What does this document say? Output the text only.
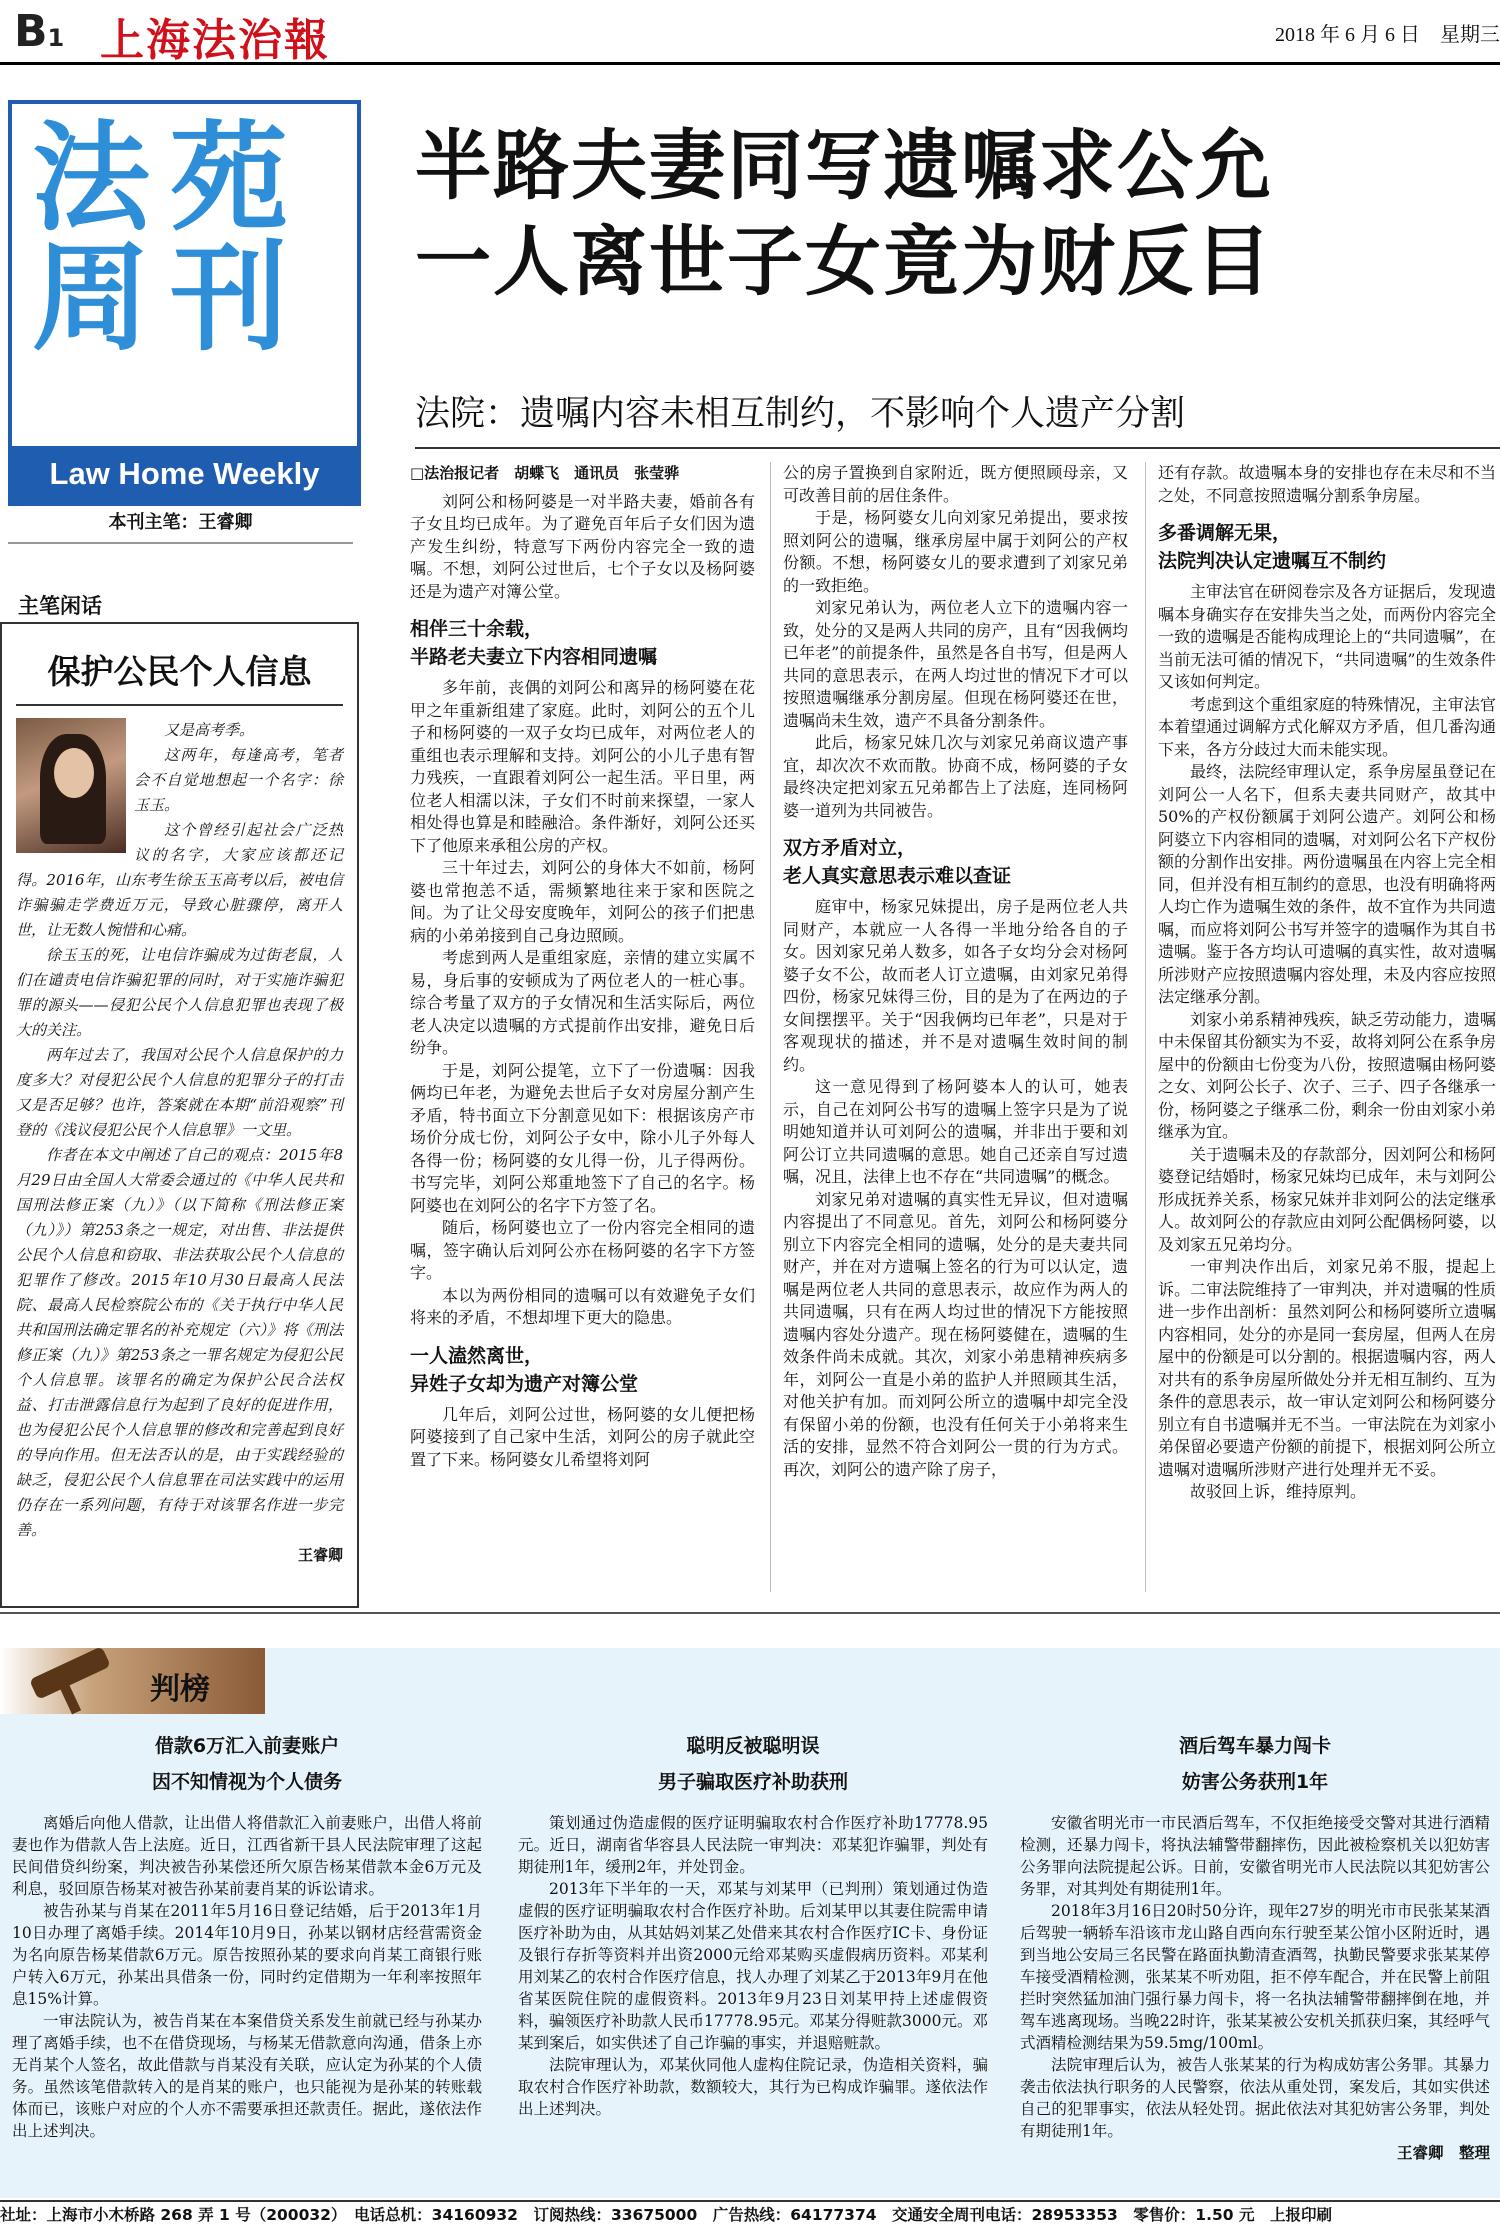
B1 上海法治報	2018 年 6 月 6 日　星期三
法苑周刊
Law Home Weekly
本刊主笔：王睿卿
主笔闲话
保护公民个人信息

又是高考季。

这两年，每逢高考，笔者会不自觉地想起一个名字：徐玉玉。

这个曾经引起社会广泛热议的名字，大家应该都还记得。2016年，山东考生徐玉玉高考以后，被电信诈骗骗走学费近万元，导致心脏骤停，离开人世，让无数人惋惜和心痛。

徐玉玉的死，让电信诈骗成为过街老鼠，人们在谴责电信诈骗犯罪的同时，对于实施诈骗犯罪的源头——侵犯公民个人信息犯罪也表现了极大的关注。

两年过去了，我国对公民个人信息保护的力度多大？对侵犯公民个人信息的犯罪分子的打击又是否足够？也许，答案就在本期“前沿观察”刊登的《浅议侵犯公民个人信息罪》一文里。

作者在本文中阐述了自己的观点：2015年8月29日由全国人大常委会通过的《中华人民共和国刑法修正案（九）》（以下简称《刑法修正案（九）》）第253条之一规定，对出售、非法提供公民个人信息和窃取、非法获取公民个人信息的犯罪作了修改。2015年10月30日最高人民法院、最高人民检察院公布的《关于执行中华人民共和国刑法确定罪名的补充规定（六）》将《刑法修正案（九）》第253条之一罪名规定为侵犯公民个人信息罪。该罪名的确定为保护公民合法权益、打击泄露信息行为起到了良好的促进作用，也为侵犯公民个人信息罪的修改和完善起到良好的导向作用。但无法否认的是，由于实践经验的缺乏，侵犯公民个人信息罪在司法实践中的运用仍存在一系列问题，有待于对该罪名作进一步完善。

王睿卿

半路夫妻同写遗嘱求公允
一人离世子女竟为财反目
法院：遗嘱内容未相互制约，不影响个人遗产分割
□法治报记者　胡蝶飞　通讯员　张莹骅

刘阿公和杨阿婆是一对半路夫妻，婚前各有子女且均已成年。为了避免百年后子女们因为遗产发生纠纷，特意写下两份内容完全一致的遗嘱。不想，刘阿公过世后，七个子女以及杨阿婆还是为遗产对簿公堂。

相伴三十余载，
半路老夫妻立下内容相同遗嘱

多年前，丧偶的刘阿公和离异的杨阿婆在花甲之年重新组建了家庭。此时，刘阿公的五个儿子和杨阿婆的一双子女均已成年，对两位老人的重组也表示理解和支持。刘阿公的小儿子患有智力残疾，一直跟着刘阿公一起生活。平日里，两位老人相濡以沫，子女们不时前来探望，一家人相处得也算是和睦融洽。条件渐好，刘阿公还买下了他原来承租公房的产权。

三十年过去，刘阿公的身体大不如前，杨阿婆也常抱恙不适，需频繁地往来于家和医院之间。为了让父母安度晚年，刘阿公的孩子们把患病的小弟弟接到自己身边照顾。

考虑到两人是重组家庭，亲情的建立实属不易，身后事的安顿成为了两位老人的一桩心事。综合考量了双方的子女情况和生活实际后，两位老人决定以遗嘱的方式提前作出安排，避免日后纷争。

于是，刘阿公提笔，立下了一份遗嘱：因我俩均已年老，为避免去世后子女对房屋分割产生矛盾，特书面立下分割意见如下：根据该房产市场价分成七份，刘阿公子女中，除小儿子外每人各得一份；杨阿婆的女儿得一份，儿子得两份。书写完毕，刘阿公郑重地签下了自己的名字。杨阿婆也在刘阿公的名字下方签了名。

随后，杨阿婆也立了一份内容完全相同的遗嘱，签字确认后刘阿公亦在杨阿婆的名字下方签字。

本以为两份相同的遗嘱可以有效避免子女们将来的矛盾，不想却埋下更大的隐患。

一人溘然离世，
异姓子女却为遗产对簿公堂

几年后，刘阿公过世，杨阿婆的女儿便把杨阿婆接到了自己家中生活，刘阿公的房子就此空置了下来。杨阿婆女儿希望将刘阿

公的房子置换到自家附近，既方便照顾母亲，又可改善目前的居住条件。

于是，杨阿婆女儿向刘家兄弟提出，要求按照刘阿公的遗嘱，继承房屋中属于刘阿公的产权份额。不想，杨阿婆女儿的要求遭到了刘家兄弟的一致拒绝。

刘家兄弟认为，两位老人立下的遗嘱内容一致，处分的又是两人共同的房产，且有“因我俩均已年老”的前提条件，虽然是各自书写，但是两人共同的意思表示，在两人均过世的情况下才可以按照遗嘱继承分割房屋。但现在杨阿婆还在世，遗嘱尚未生效，遗产不具备分割条件。

此后，杨家兄妹几次与刘家兄弟商议遗产事宜，却次次不欢而散。协商不成，杨阿婆的子女最终决定把刘家五兄弟都告上了法庭，连同杨阿婆一道列为共同被告。

双方矛盾对立，
老人真实意思表示难以查证

庭审中，杨家兄妹提出，房子是两位老人共同财产，本就应一人各得一半地分给各自的子女。因刘家兄弟人数多，如各子女均分会对杨阿婆子女不公，故而老人订立遗嘱，由刘家兄弟得四份，杨家兄妹得三份，目的是为了在两边的子女间摆摆平。关于“因我俩均已年老”，只是对于客观现状的描述，并不是对遗嘱生效时间的制约。

这一意见得到了杨阿婆本人的认可，她表示，自己在刘阿公书写的遗嘱上签字只是为了说明她知道并认可刘阿公的遗嘱，并非出于要和刘阿公订立共同遗嘱的意思。她自己还亲自写过遗嘱，况且，法律上也不存在“共同遗嘱”的概念。

刘家兄弟对遗嘱的真实性无异议，但对遗嘱内容提出了不同意见。首先，刘阿公和杨阿婆分别立下内容完全相同的遗嘱，处分的是夫妻共同财产，并在对方遗嘱上签名的行为可以认定，遗嘱是两位老人共同的意思表示，故应作为两人的共同遗嘱，只有在两人均过世的情况下方能按照遗嘱内容处分遗产。现在杨阿婆健在，遗嘱的生效条件尚未成就。其次，刘家小弟患精神疾病多年，刘阿公一直是小弟的监护人并照顾其生活，对他关护有加。而刘阿公所立的遗嘱中却完全没有保留小弟的份额，也没有任何关于小弟将来生活的安排，显然不符合刘阿公一贯的行为方式。再次，刘阿公的遗产除了房子，

还有存款。故遗嘱本身的安排也存在未尽和不当之处，不同意按照遗嘱分割系争房屋。

多番调解无果，
法院判决认定遗嘱互不制约

主审法官在研阅卷宗及各方证据后，发现遗嘱本身确实存在安排失当之处，而两份内容完全一致的遗嘱是否能构成理论上的“共同遗嘱”，在当前无法可循的情况下，“共同遗嘱”的生效条件又该如何判定。

考虑到这个重组家庭的特殊情况，主审法官本着望通过调解方式化解双方矛盾，但几番沟通下来，各方分歧过大而未能实现。

最终，法院经审理认定，系争房屋虽登记在刘阿公一人名下，但系夫妻共同财产，故其中50%的产权份额属于刘阿公遗产。刘阿公和杨阿婆立下内容相同的遗嘱，对刘阿公名下产权份额的分割作出安排。两份遗嘱虽在内容上完全相同，但并没有相互制约的意思，也没有明确将两人均亡作为遗嘱生效的条件，故不宜作为共同遗嘱，而应将刘阿公书写并签字的遗嘱作为其自书遗嘱。鉴于各方均认可遗嘱的真实性，故对遗嘱所涉财产应按照遗嘱内容处理，未及内容应按照法定继承分割。

刘家小弟系精神残疾，缺乏劳动能力，遗嘱中未保留其份额实为不妥，故将刘阿公在系争房屋中的份额由七份变为八份，按照遗嘱由杨阿婆之女、刘阿公长子、次子、三子、四子各继承一份，杨阿婆之子继承二份，剩余一份由刘家小弟继承为宜。

关于遗嘱未及的存款部分，因刘阿公和杨阿婆登记结婚时，杨家兄妹均已成年，未与刘阿公形成抚养关系，杨家兄妹并非刘阿公的法定继承人。故刘阿公的存款应由刘阿公配偶杨阿婆，以及刘家五兄弟均分。

一审判决作出后，刘家兄弟不服，提起上诉。二审法院维持了一审判决，并对遗嘱的性质进一步作出剖析：虽然刘阿公和杨阿婆所立遗嘱内容相同，处分的亦是同一套房屋，但两人在房屋中的份额是可以分割的。根据遗嘱内容，两人对共有的系争房屋所做处分并无相互制约、互为条件的意思表示，故一审认定刘阿公和杨阿婆分别立有自书遗嘱并无不当。一审法院在为刘家小弟保留必要遗产份额的前提下，根据刘阿公所立遗嘱对遗嘱所涉财产进行处理并无不妥。

故驳回上诉，维持原判。

判榜
借款6万汇入前妻账户
因不知情视为个人债务

离婚后向他人借款，让出借人将借款汇入前妻账户，出借人将前妻也作为借款人告上法庭。近日，江西省新干县人民法院审理了这起民间借贷纠纷案，判决被告孙某偿还所欠原告杨某借款本金6万元及利息，驳回原告杨某对被告孙某前妻肖某的诉讼请求。

被告孙某与肖某在2011年5月16日登记结婚，后于2013年1月10日办理了离婚手续。2014年10月9日，孙某以钢材店经营需资金为名向原告杨某借款6万元。原告按照孙某的要求向肖某工商银行账户转入6万元，孙某出具借条一份，同时约定借期为一年利率按照年息15%计算。

一审法院认为，被告肖某在本案借贷关系发生前就已经与孙某办理了离婚手续，也不在借贷现场，与杨某无借款意向沟通，借条上亦无肖某个人签名，故此借款与肖某没有关联，应认定为孙某的个人债务。虽然该笔借款转入的是肖某的账户，也只能视为是孙某的转账载体而已，该账户对应的个人亦不需要承担还款责任。据此，遂依法作出上述判决。

聪明反被聪明误
男子骗取医疗补助获刑

策划通过伪造虚假的医疗证明骗取农村合作医疗补助17778.95元。近日，湖南省华容县人民法院一审判决：邓某犯诈骗罪，判处有期徒刑1年，缓刑2年，并处罚金。

2013年下半年的一天，邓某与刘某甲（已判刑）策划通过伪造虚假的医疗证明骗取农村合作医疗补助。后刘某甲以其妻住院需申请医疗补助为由，从其姑妈刘某乙处借来其农村合作医疗IC卡、身份证及银行存折等资料并出资2000元给邓某购买虚假病历资料。邓某利用刘某乙的农村合作医疗信息，找人办理了刘某乙于2013年9月在他省某医院住院的虚假资料。2013年9月23日刘某甲持上述虚假资料，骗领医疗补助款人民币17778.95元。邓某分得赃款3000元。邓某到案后，如实供述了自己诈骗的事实，并退赔赃款。

法院审理认为，邓某伙同他人虚构住院记录，伪造相关资料，骗取农村合作医疗补助款，数额较大，其行为已构成诈骗罪。遂依法作出上述判决。

酒后驾车暴力闯卡
妨害公务获刑1年

安徽省明光市一市民酒后驾车，不仅拒绝接受交警对其进行酒精检测，还暴力闯卡，将执法辅警带翻摔伤，因此被检察机关以犯妨害公务罪向法院提起公诉。日前，安徽省明光市人民法院以其犯妨害公务罪，对其判处有期徒刑1年。

2018年3月16日20时50分许，现年27岁的明光市市民张某某酒后驾驶一辆轿车沿该市龙山路自西向东行驶至某公馆小区附近时，遇到当地公安局三名民警在路面执勤清查酒驾，执勤民警要求张某某停车接受酒精检测，张某某不听劝阻，拒不停车配合，并在民警上前阻拦时突然猛加油门强行暴力闯卡，将一名执法辅警带翻摔倒在地，并驾车逃离现场。当晚22时许，张某某被公安机关抓获归案，其经呼气式酒精检测结果为59.5mg/100ml。

法院审理后认为，被告人张某某的行为构成妨害公务罪。其暴力袭击依法执行职务的人民警察，依法从重处罚，案发后，其如实供述自己的犯罪事实，依法从轻处罚。据此依法对其犯妨害公务罪，判处有期徒刑1年。

王睿卿　整理

社址：上海市小木桥路 268 弄 1 号（200032）　电话总机：34160932　订阅热线：33675000　广告热线：64177374　交通安全周刊电话：28953353　零售价：1.50 元　上报印刷
